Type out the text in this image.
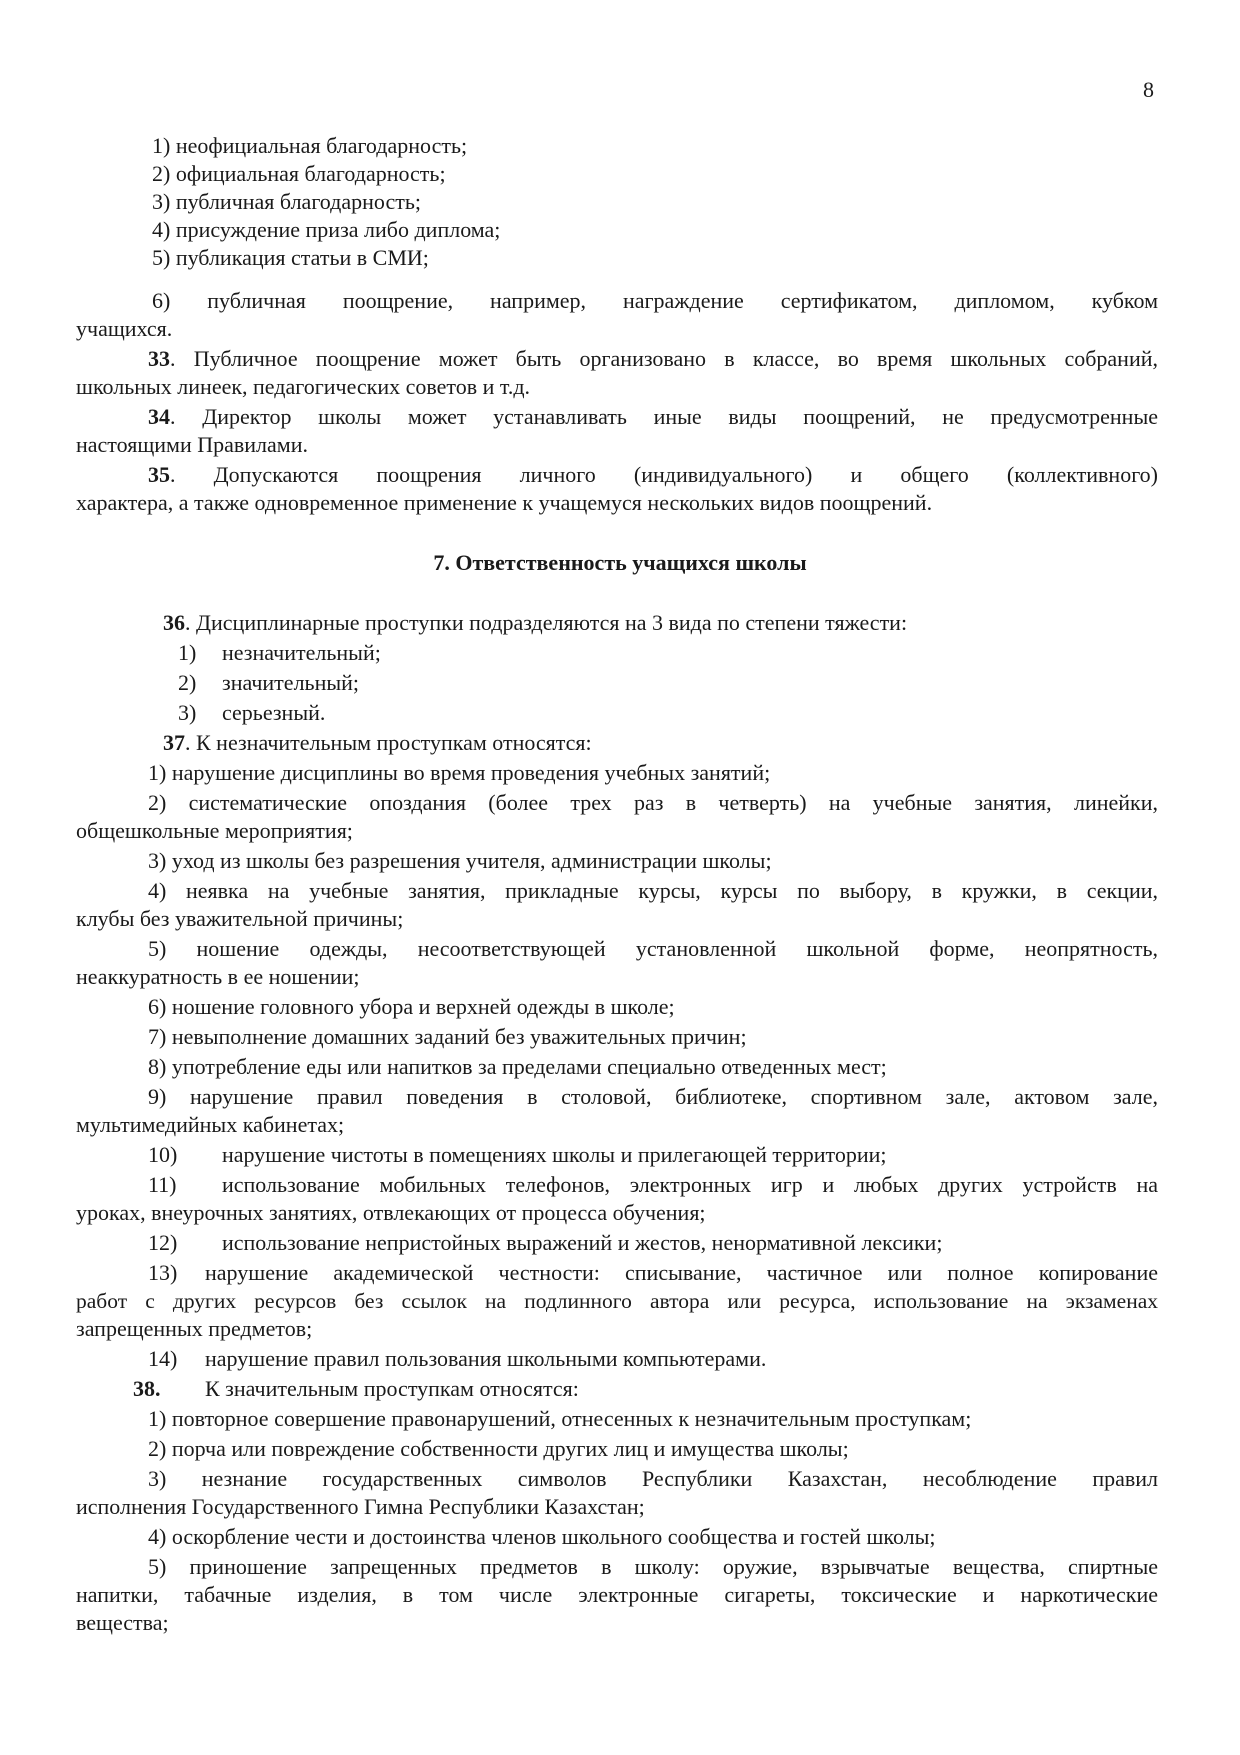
8
1) неофициальная благодарность;
2) официальная благодарность;
3) публичная благодарность;
4) присуждение приза либо диплома;
5) публикация статьи в СМИ;
6) публичная поощрение, например, награждение сертификатом, дипломом, кубком
учащихся.
33. Публичное поощрение может быть организовано в классе, во время школьных собраний,
школьных линеек, педагогических советов и т.д.
34. Директор школы может устанавливать иные виды поощрений, не предусмотренные
настоящими Правилами.
35. Допускаются поощрения личного (индивидуального) и общего (коллективного)
характера, а также одновременное применение к учащемуся нескольких видов поощрений.
7. Ответственность учащихся школы
36. Дисциплинарные проступки подразделяются на 3 вида по степени тяжести:
1) незначительный;
2) значительный;
3) серьезный.
37. К незначительным проступкам относятся:
1) нарушение дисциплины во время проведения учебных занятий;
2) систематические опоздания (более трех раз в четверть) на учебные занятия, линейки,
общешкольные мероприятия;
3) уход из школы без разрешения учителя, администрации школы;
4) неявка на учебные занятия, прикладные курсы, курсы по выбору, в кружки, в секции,
клубы без уважительной причины;
5) ношение одежды, несоответствующей установленной школьной форме, неопрятность,
неаккуратность в ее ношении;
6) ношение головного убора и верхней одежды в школе;
7) невыполнение домашних заданий без уважительных причин;
8) употребление еды или напитков за пределами специально отведенных мест;
9) нарушение правил поведения в столовой, библиотеке, спортивном зале, актовом зале,
мультимедийных кабинетах;
10) нарушение чистоты в помещениях школы и прилегающей территории;
11) использование мобильных телефонов, электронных игр и любых других устройств на
уроках, внеурочных занятиях, отвлекающих от процесса обучения;
12) использование непристойных выражений и жестов, ненормативной лексики;
13) нарушение академической честности: списывание, частичное или полное копирование
работ с других ресурсов без ссылок на подлинного автора или ресурса, использование на экзаменах
запрещенных предметов;
14) нарушение правил пользования школьными компьютерами.
38. К значительным проступкам относятся:
1) повторное совершение правонарушений, отнесенных к незначительным проступкам;
2) порча или повреждение собственности других лиц и имущества школы;
3) незнание государственных символов Республики Казахстан, несоблюдение правил
исполнения Государственного Гимна Республики Казахстан;
4) оскорбление чести и достоинства членов школьного сообщества и гостей школы;
5) приношение запрещенных предметов в школу: оружие, взрывчатые вещества, спиртные
напитки, табачные изделия, в том числе электронные сигареты, токсические и наркотические
вещества;
